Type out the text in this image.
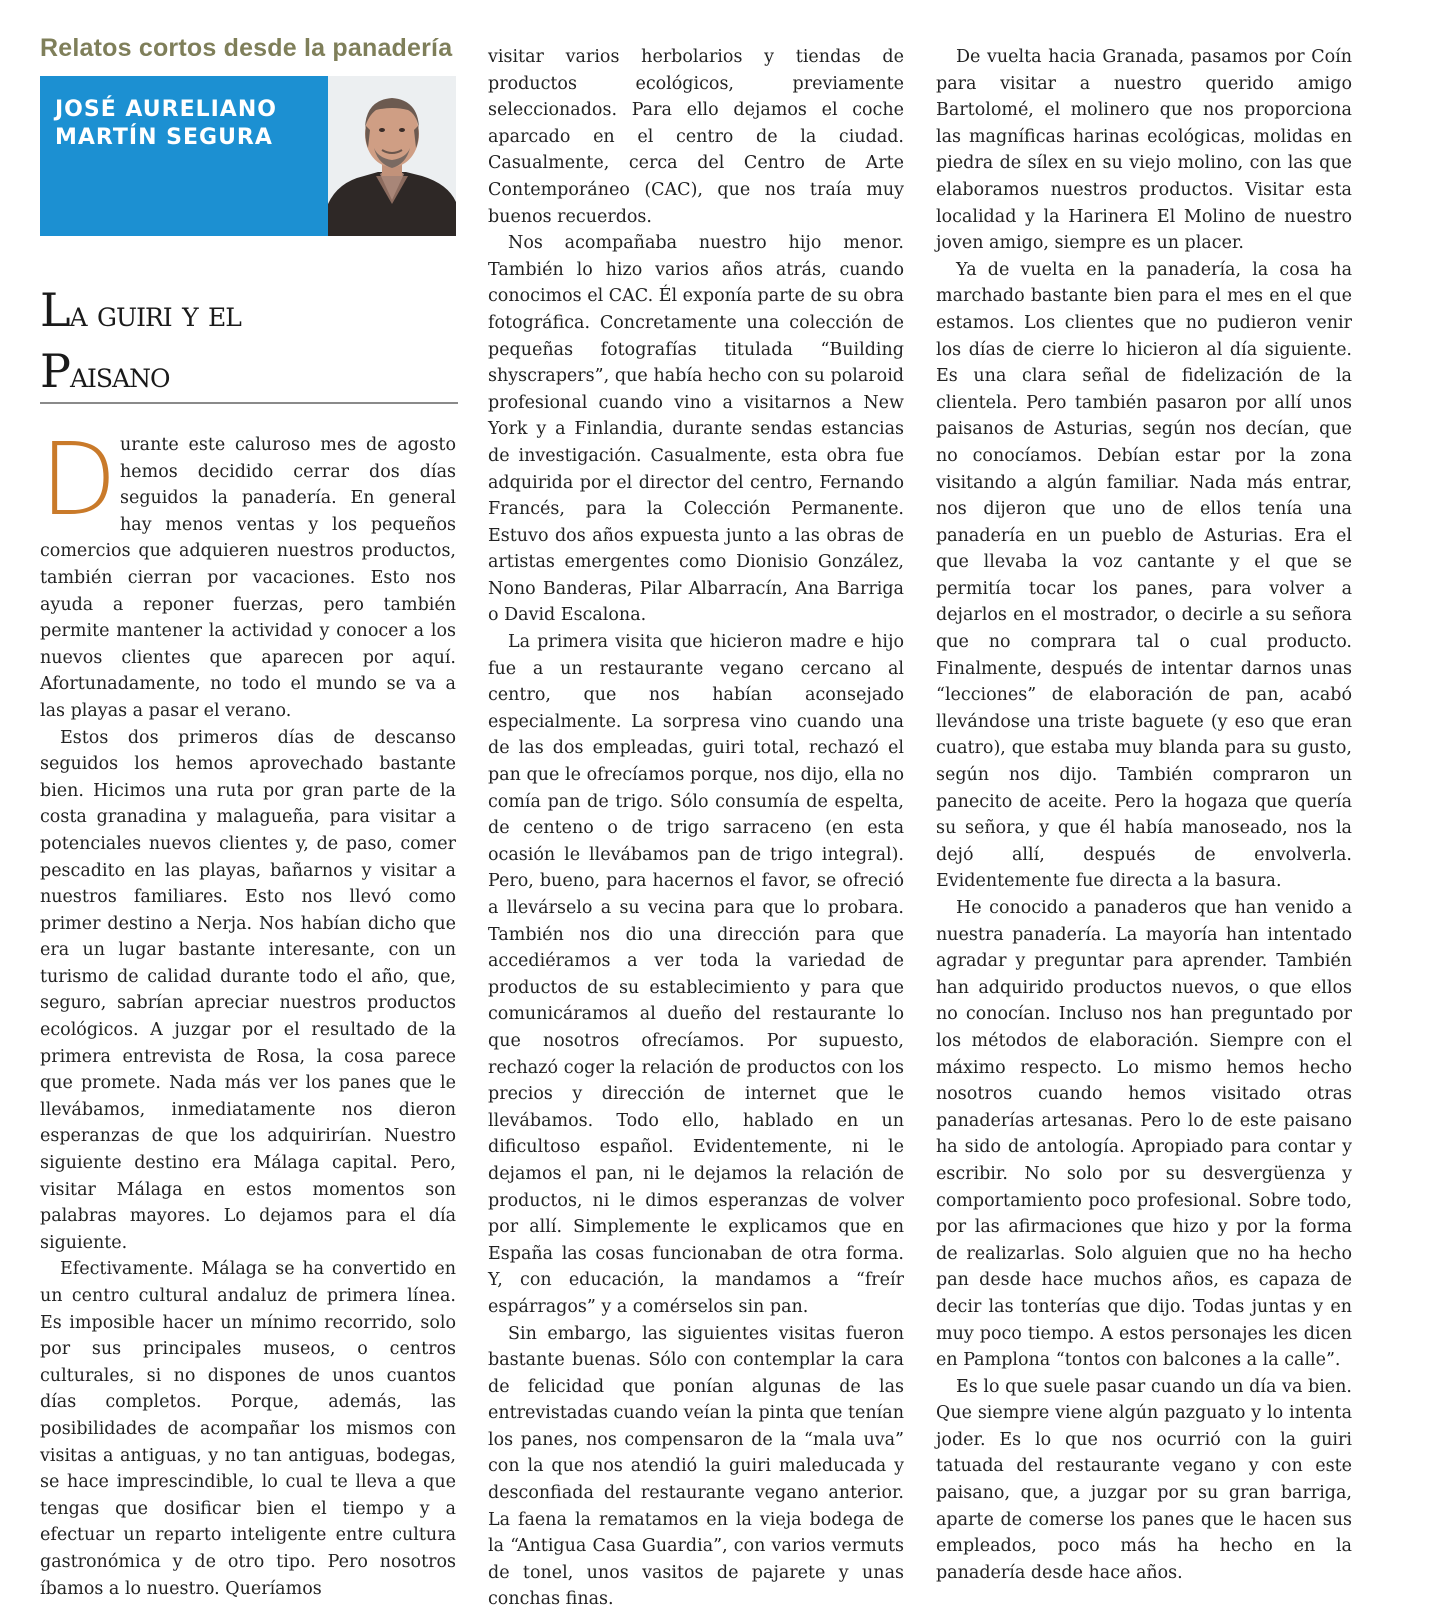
Relatos cortos desde la panadería
JOSÉ AURELIANO
MARTÍN SEGURA
La guiri y el
Paisano

Durante este caluroso mes de agosto hemos decidido cerrar dos días seguidos la panadería. En general hay menos ventas y los pequeños comercios que adquieren nuestros productos, también cierran por vacaciones. Esto nos ayuda a reponer fuerzas, pero también permite mantener la actividad y conocer a los nuevos clientes que aparecen por aquí. Afortunadamente, no todo el mundo se va a las playas a pasar el verano.

Estos dos primeros días de descanso seguidos los hemos aprovechado bastante bien. Hicimos una ruta por gran parte de la costa granadina y malagueña, para visitar a potenciales nuevos clientes y, de paso, comer pescadito en las playas, bañarnos y visitar a nuestros familiares. Esto nos llevó como primer destino a Nerja. Nos habían dicho que era un lugar bastante interesante, con un turismo de calidad durante todo el año, que, seguro, sabrían apreciar nuestros productos ecológicos. A juzgar por el resultado de la primera entrevista de Rosa, la cosa parece que promete. Nada más ver los panes que le llevábamos, inmediatamente nos dieron esperanzas de que los adquirirían. Nuestro siguiente destino era Málaga capital. Pero, visitar Málaga en estos momentos son palabras mayores. Lo dejamos para el día siguiente.

Efectivamente. Málaga se ha convertido en un centro cultural andaluz de primera línea. Es imposible hacer un mínimo recorrido, solo por sus principales museos, o centros culturales, si no dispones de unos cuantos días completos. Porque, además, las posibilidades de acompañar los mismos con visitas a antiguas, y no tan antiguas, bodegas, se hace imprescindible, lo cual te lleva a que tengas que dosificar bien el tiempo y a efectuar un reparto inteligente entre cultura gastronómica y de otro tipo. Pero nosotros íbamos a lo nuestro. Queríamos

visitar varios herbolarios y tiendas de productos ecológicos, previamente seleccionados. Para ello dejamos el coche aparcado en el centro de la ciudad. Casualmente, cerca del Centro de Arte Contemporáneo (CAC), que nos traía muy buenos recuerdos.

Nos acompañaba nuestro hijo menor. También lo hizo varios años atrás, cuando conocimos el CAC. Él exponía parte de su obra fotográfica. Concretamente una colección de pequeñas fotografías titulada “Building shyscrapers”, que había hecho con su polaroid profesional cuando vino a visitarnos a New York y a Finlandia, durante sendas estancias de investigación. Casualmente, esta obra fue adquirida por el director del centro, Fernando Francés, para la Colección Permanente. Estuvo dos años expuesta junto a las obras de artistas emergentes como Dionisio González, Nono Banderas, Pilar Albarracín, Ana Barriga o David Escalona.

La primera visita que hicieron madre e hijo fue a un restaurante vegano cercano al centro, que nos habían aconsejado especialmente. La sorpresa vino cuando una de las dos empleadas, guiri total, rechazó el pan que le ofrecíamos porque, nos dijo, ella no comía pan de trigo. Sólo consumía de espelta, de centeno o de trigo sarraceno (en esta ocasión le llevábamos pan de trigo integral). Pero, bueno, para hacernos el favor, se ofreció a llevárselo a su vecina para que lo probara. También nos dio una dirección para que accediéramos a ver toda la variedad de productos de su establecimiento y para que comunicáramos al dueño del restaurante lo que nosotros ofrecíamos. Por supuesto, rechazó coger la relación de productos con los precios y dirección de internet que le llevábamos. Todo ello, hablado en un dificultoso español. Evidentemente, ni le dejamos el pan, ni le dejamos la relación de productos, ni le dimos esperanzas de volver por allí. Simplemente le explicamos que en España las cosas funcionaban de otra forma. Y, con educación, la mandamos a “freír espárragos” y a comérselos sin pan.

Sin embargo, las siguientes visitas fueron bastante buenas. Sólo con contemplar la cara de felicidad que ponían algunas de las entrevistadas cuando veían la pinta que tenían los panes, nos compensaron de la “mala uva” con la que nos atendió la guiri maleducada y desconfiada del restaurante vegano anterior. La faena la rematamos en la vieja bodega de la “Antigua Casa Guardia”, con varios vermuts de tonel, unos vasitos de pajarete y unas conchas finas.

De vuelta hacia Granada, pasamos por Coín para visitar a nuestro querido amigo Bartolomé, el molinero que nos proporciona las magníficas harinas ecológicas, molidas en piedra de sílex en su viejo molino, con las que elaboramos nuestros productos. Visitar esta localidad y la Harinera El Molino de nuestro joven amigo, siempre es un placer.

Ya de vuelta en la panadería, la cosa ha marchado bastante bien para el mes en el que estamos. Los clientes que no pudieron venir los días de cierre lo hicieron al día siguiente. Es una clara señal de fidelización de la clientela. Pero también pasaron por allí unos paisanos de Asturias, según nos decían, que no conocíamos. Debían estar por la zona visitando a algún familiar. Nada más entrar, nos dijeron que uno de ellos tenía una panadería en un pueblo de Asturias. Era el que llevaba la voz cantante y el que se permitía tocar los panes, para volver a dejarlos en el mostrador, o decirle a su señora que no comprara tal o cual producto. Finalmente, después de intentar darnos unas “lecciones” de elaboración de pan, acabó llevándose una triste baguete (y eso que eran cuatro), que estaba muy blanda para su gusto, según nos dijo. También compraron un panecito de aceite. Pero la hogaza que quería su señora, y que él había manoseado, nos la dejó allí, después de envolverla. Evidentemente fue directa a la basura.

He conocido a panaderos que han venido a nuestra panadería. La mayoría han intentado agradar y preguntar para aprender. También han adquirido productos nuevos, o que ellos no conocían. Incluso nos han preguntado por los métodos de elaboración. Siempre con el máximo respecto. Lo mismo hemos hecho nosotros cuando hemos visitado otras panaderías artesanas. Pero lo de este paisano ha sido de antología. Apropiado para contar y escribir. No solo por su desvergüenza y comportamiento poco profesional. Sobre todo, por las afirmaciones que hizo y por la forma de realizarlas. Solo alguien que no ha hecho pan desde hace muchos años, es capaza de decir las tonterías que dijo. Todas juntas y en muy poco tiempo. A estos personajes les dicen en Pamplona “tontos con balcones a la calle”.

Es lo que suele pasar cuando un día va bien. Que siempre viene algún pazguato y lo intenta joder. Es lo que nos ocurrió con la guiri tatuada del restaurante vegano y con este paisano, que, a juzgar por su gran barriga, aparte de comerse los panes que le hacen sus empleados, poco más ha hecho en la panadería desde hace años.
